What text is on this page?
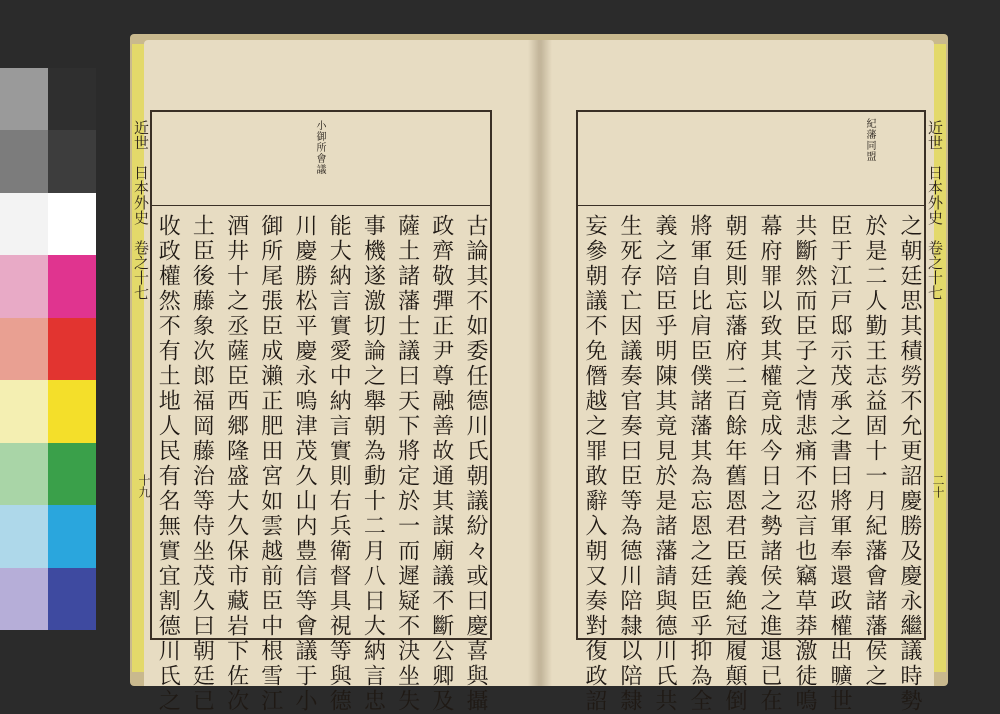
近世　日本外史　卷之十七
十九
小御所會議
古論其不如委任德川氏朝議紛々或曰慶喜與攝
政齊敬彈正尹尊融善故通其謀廟議不斷公卿及
薩土諸藩士議曰天下將定於一而遲疑不決坐失
事機遂激切論之舉朝為動十二月八日大納言忠
能大納言實愛中納言實則右兵衛督具視等與德
川慶勝松平慶永嗚津茂久山内豊信等會議于小
御所尾張臣成瀨正肥田宮如雲越前臣中根雪江
酒井十之丞薩臣西郷隆盛大久保市藏岩下佐次
土臣後藤象次郎福岡藤治等侍坐茂久曰朝廷已
收政權然不有土地人民有名無實宜割德川氏之
紀藩同盟	近世　日本外史　卷之十七
二十
之朝廷思其積勞不允更詔慶勝及慶永繼議時勢
於是二人勤王志益固十一月紀藩會諸藩侯之
臣于江戸邸示茂承之書曰將軍奉還政權出曠世
共斷然而臣子之情悲痛不忍言也竊草莽激徒鳴
幕府罪以致其權竟成今日之勢諸侯之進退已在
朝廷則忘藩府二百餘年舊恩君臣義絶冠履顛倒
將軍自比肩臣僕諸藩其為忘恩之廷臣乎抑為全
義之陪臣乎明陳其竟見於是諸藩請與德川氏共
生死存亡因議奏官奏曰臣等為德川陪隸以陪隸
妄參朝議不免僭越之罪敢辭入朝又奏對復政詔
